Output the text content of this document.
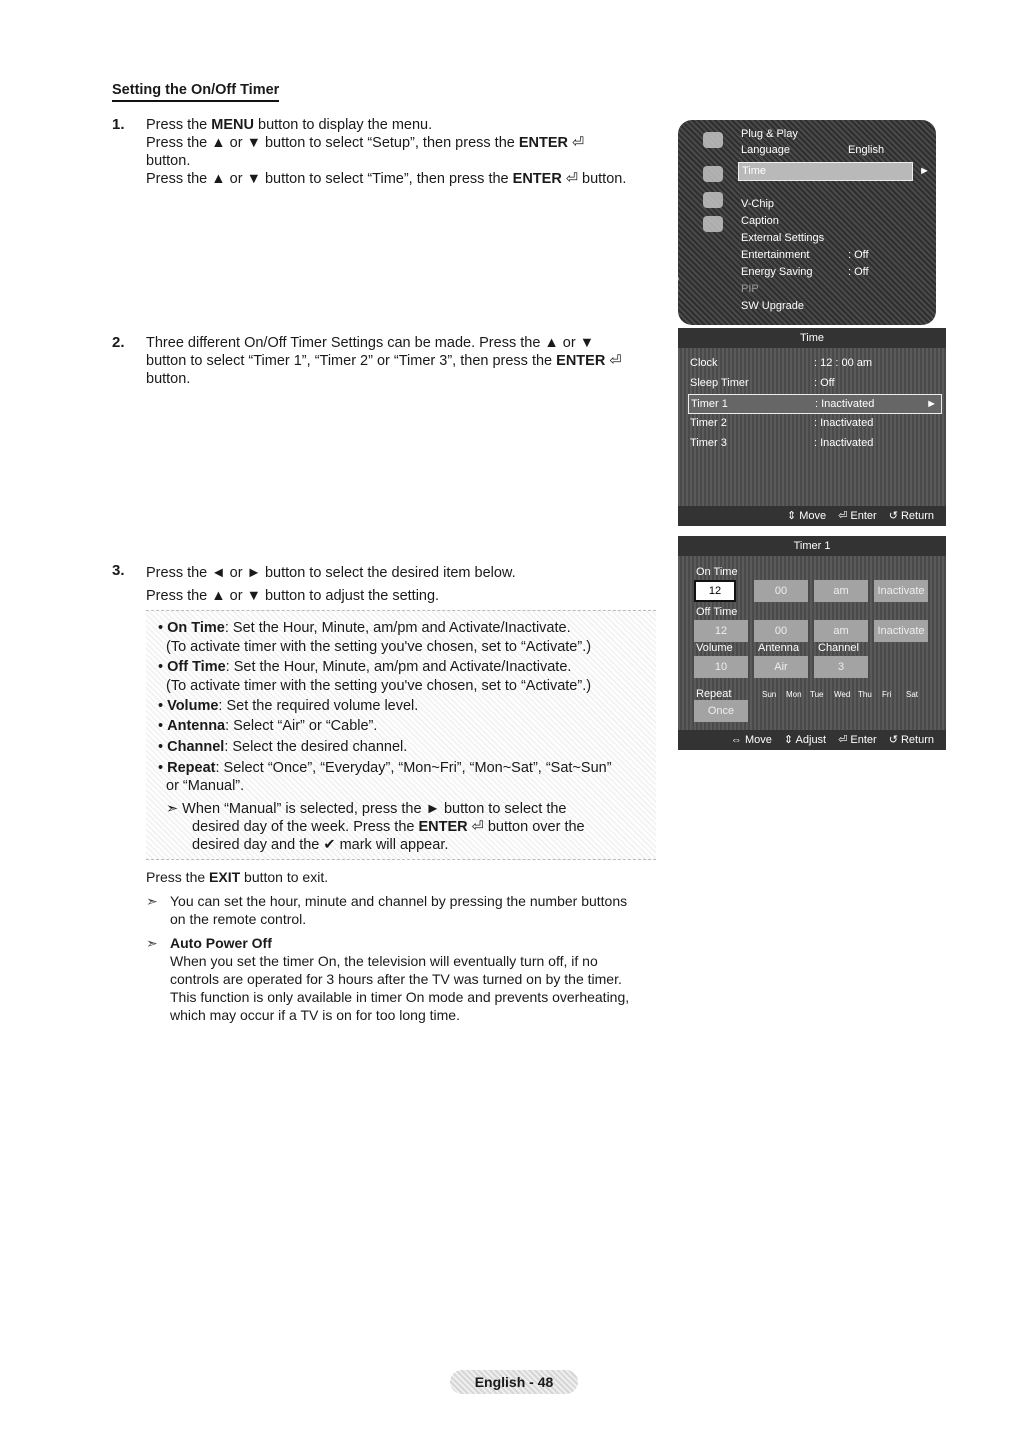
Setting the On/Off Timer
1. Press the MENU button to display the menu.

Press the ▲ or ▼ button to select “Setup”, then press the ENTER ⏎

button.

Press the ▲ or ▼ button to select “Time”, then press the ENTER ⏎ button.

2. Three different On/Off Timer Settings can be made. Press the ▲ or ▼

button to select “Timer 1”, “Timer 2” or “Timer 3”, then press the ENTER ⏎

button.

3. Press the ◄ or ► button to select the desired item below.

Press the ▲ or ▼ button to adjust the setting.

• On Time: Set the Hour, Minute, am/pm and Activate/Inactivate.
(To activate timer with the setting you've chosen, set to “Activate”.)
• Off Time: Set the Hour, Minute, am/pm and Activate/Inactivate.
(To activate timer with the setting you've chosen, set to “Activate”.)
• Volume: Set the required volume level.
• Antenna: Select “Air” or “Cable”.
• Channel: Select the desired channel.
• Repeat: Select “Once”, “Everyday”, “Mon~Fri”, “Mon~Sat”, “Sat~Sun”
or “Manual”.
➣ When “Manual” is selected, press the ► button to select the
desired day of the week. Press the ENTER ⏎ button over the
desired day and the ✔ mark will appear.
Press the EXIT button to exit.
➣ You can set the hour, minute and channel by pressing the number buttons on the remote control.
➣ Auto Power Off
When you set the timer On, the television will eventually turn off, if no controls are operated for 3 hours after the TV was turned on by the timer. This function is only available in timer On mode and prevents overheating, which may occur if a TV is on for too long time.
Setup
Plug & Play
Language	English
Time	►
V-Chip
Caption
External Settings
Entertainment	: Off
Energy Saving	: Off
PIP
SW Upgrade
Time
Clock	: 12 : 00 am
Sleep Timer	: Off
Timer 1	: Inactivated	►
Timer 2	: Inactivated
Timer 3	: Inactivated
⇕ Move ⏎ Enter ↺ Return
Timer 1
On Time
12	00	am	Inactivate
Off Time
12	00	am	Inactivate
Volume Antenna Channel
10	Air	3
Repeat	Sun Mon Tue Wed Thu Fri Sat
Once
⇔ Move ⇕ Adjust ⏎ Enter ↺ Return
English - 48
